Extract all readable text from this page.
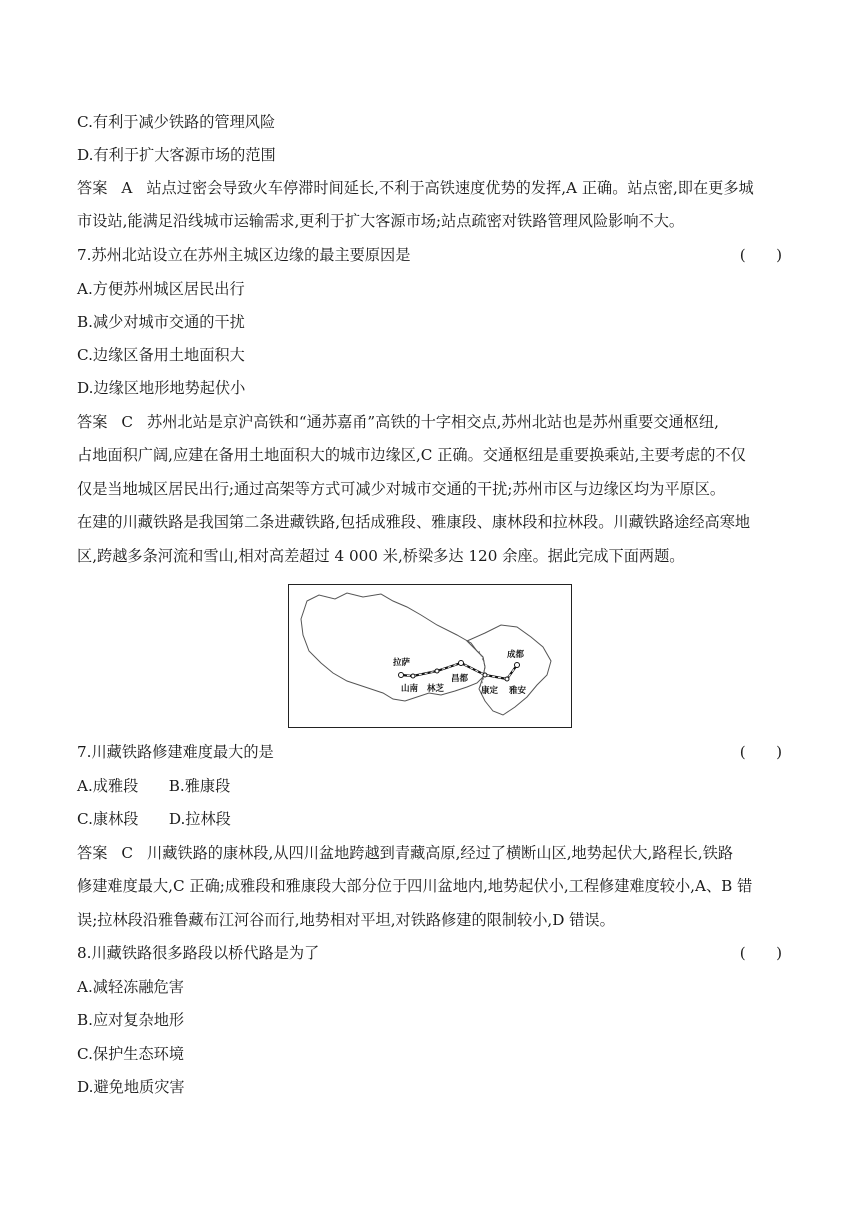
C.有利于减少铁路的管理风险
D.有利于扩大客源市场的范围
答案 A 站点过密会导致火车停滞时间延长,不利于高铁速度优势的发挥,A 正确。站点密,即在更多城
市设站,能满足沿线城市运输需求,更利于扩大客源市场;站点疏密对铁路管理风险影响不大。
7.苏州北站设立在苏州主城区边缘的最主要原因是	(　　)
A.方便苏州城区居民出行
B.减少对城市交通的干扰
C.边缘区备用土地面积大
D.边缘区地形地势起伏小
答案 C 苏州北站是京沪高铁和“通苏嘉甬”高铁的十字相交点,苏州北站也是苏州重要交通枢纽,
占地面积广阔,应建在备用土地面积大的城市边缘区,C 正确。交通枢纽是重要换乘站,主要考虑的不仅
仅是当地城区居民出行;通过高架等方式可减少对城市交通的干扰;苏州市区与边缘区均为平原区。
在建的川藏铁路是我国第二条进藏铁路,包括成雅段、雅康段、康林段和拉林段。川藏铁路途经高寒地
区,跨越多条河流和雪山,相对高差超过 4 000 米,桥梁多达 120 余座。据此完成下面两题。
拉萨
山南 林芝
昌都
康定 雅安
成都
7.川藏铁路修建难度最大的是	(　　)
A.成雅段　　B.雅康段
C.康林段　　D.拉林段
答案 C 川藏铁路的康林段,从四川盆地跨越到青藏高原,经过了横断山区,地势起伏大,路程长,铁路
修建难度最大,C 正确;成雅段和雅康段大部分位于四川盆地内,地势起伏小,工程修建难度较小,A、B 错
误;拉林段沿雅鲁藏布江河谷而行,地势相对平坦,对铁路修建的限制较小,D 错误。
8.川藏铁路很多路段以桥代路是为了	(　　)
A.减轻冻融危害
B.应对复杂地形
C.保护生态环境
D.避免地质灾害
